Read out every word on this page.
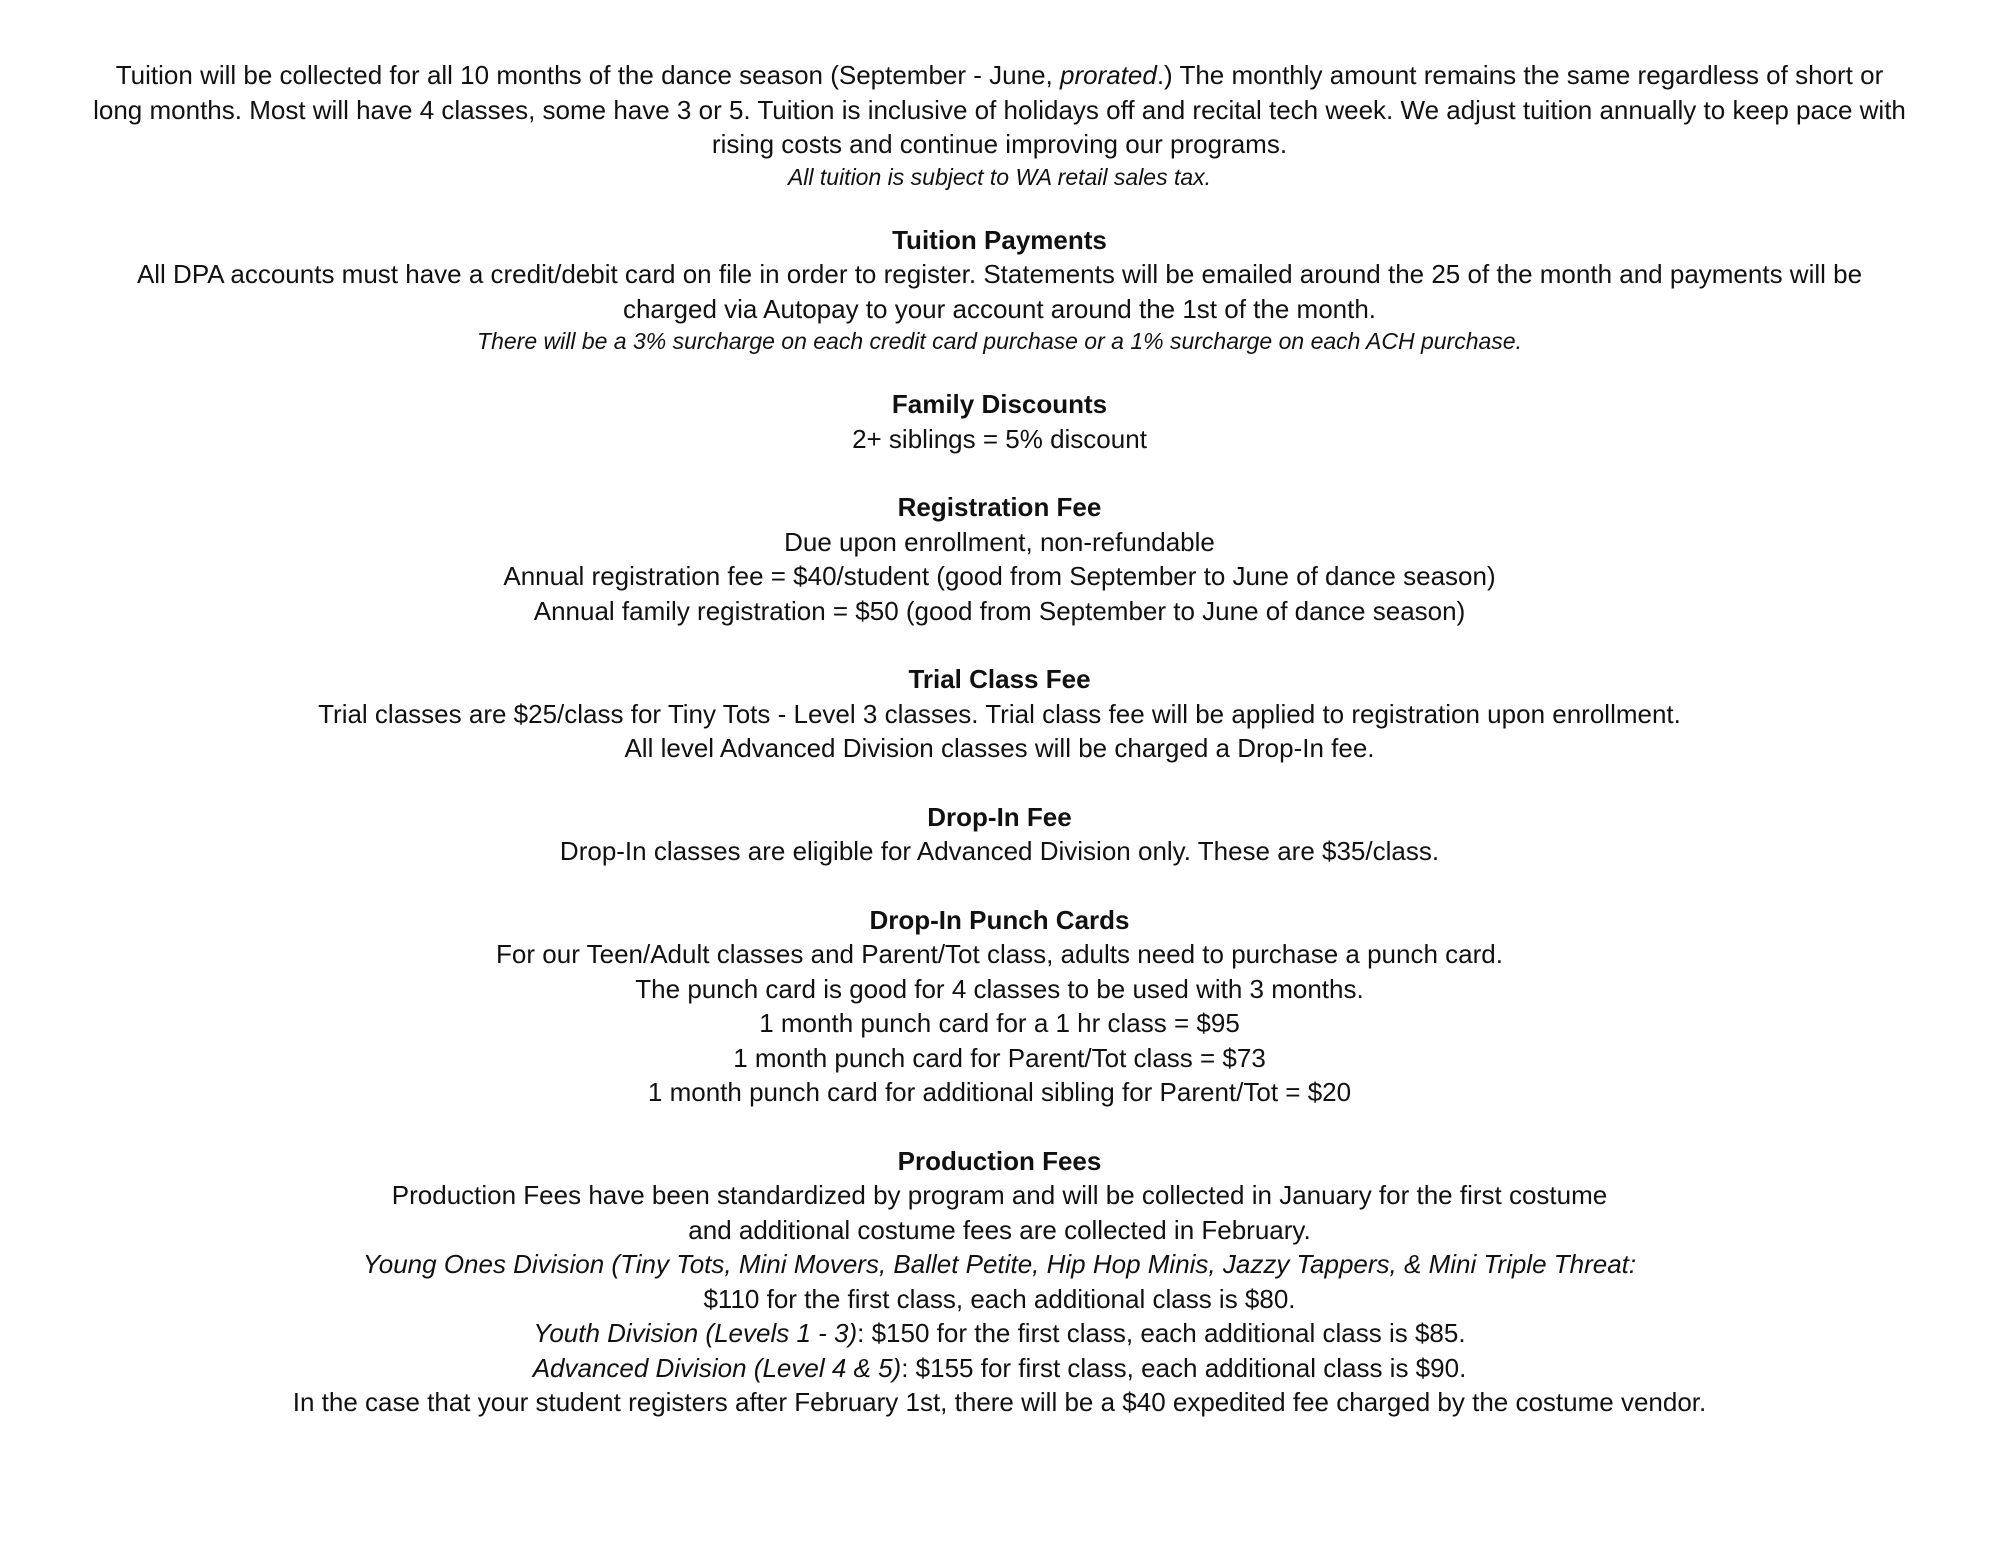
Tuition will be collected for all 10 months of the dance season (September - June, prorated.) The monthly amount remains the same regardless of short or

long months. Most will have 4 classes, some have 3 or 5. Tuition is inclusive of holidays off and recital tech week. We adjust tuition annually to keep pace with

rising costs and continue improving our programs.

All tuition is subject to WA retail sales tax.

Tuition Payments

All DPA accounts must have a credit/debit card on file in order to register. Statements will be emailed around the 25 of the month and payments will be

charged via Autopay to your account around the 1st of the month.

There will be a 3% surcharge on each credit card purchase or a 1% surcharge on each ACH purchase.

Family Discounts

2+ siblings = 5% discount

Registration Fee

Due upon enrollment, non-refundable

Annual registration fee = $40/student (good from September to June of dance season)

Annual family registration = $50 (good from September to June of dance season)

Trial Class Fee

Trial classes are $25/class for Tiny Tots - Level 3 classes. Trial class fee will be applied to registration upon enrollment.

All level Advanced Division classes will be charged a Drop-In fee.

Drop-In Fee

Drop-In classes are eligible for Advanced Division only. These are $35/class.

Drop-In Punch Cards

For our Teen/Adult classes and Parent/Tot class, adults need to purchase a punch card.

The punch card is good for 4 classes to be used with 3 months.

1 month punch card for a 1 hr class = $95

1 month punch card for Parent/Tot class = $73

1 month punch card for additional sibling for Parent/Tot = $20

Production Fees

Production Fees have been standardized by program and will be collected in January for the first costume

and additional costume fees are collected in February.

Young Ones Division (Tiny Tots, Mini Movers, Ballet Petite, Hip Hop Minis, Jazzy Tappers, & Mini Triple Threat:

$110 for the first class, each additional class is $80.

Youth Division (Levels 1 - 3): $150 for the first class, each additional class is $85.

Advanced Division (Level 4 & 5): $155 for first class, each additional class is $90.

In the case that your student registers after February 1st, there will be a $40 expedited fee charged by the costume vendor.
